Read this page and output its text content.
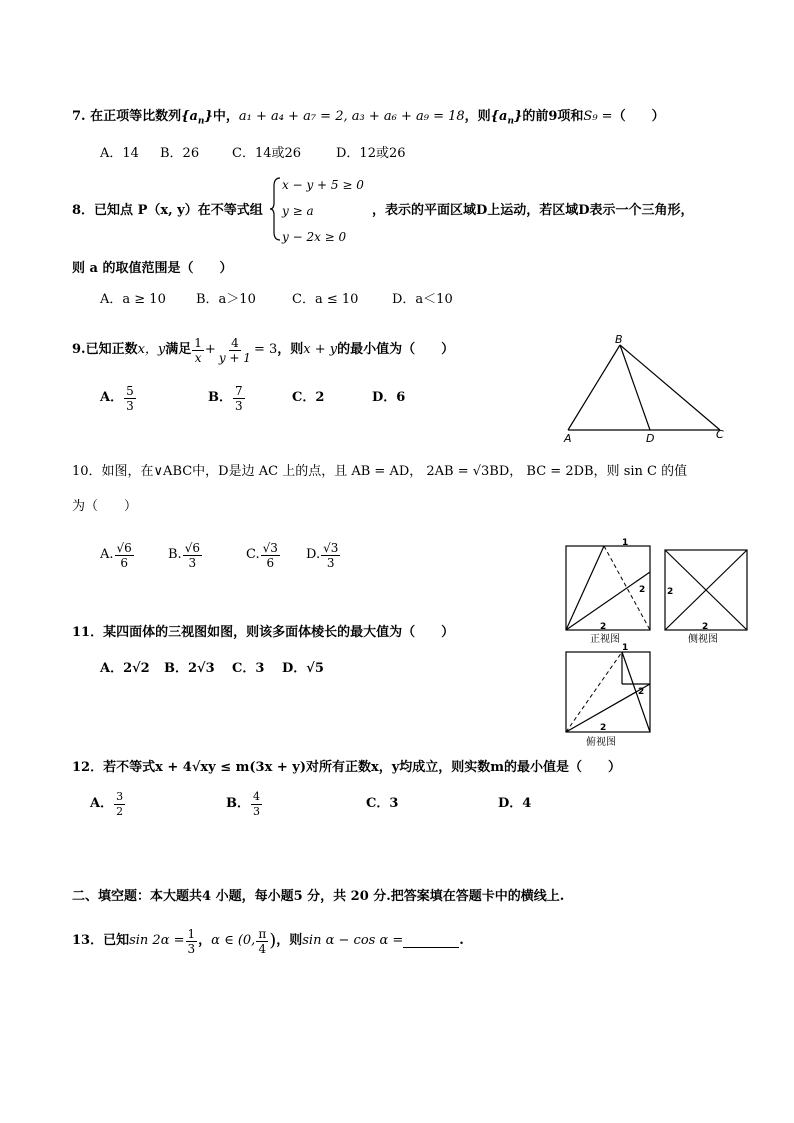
7. 在正项等比数列$\{a_n\}$中，a₁ + a₄ + a₇ = 2, a₃ + a₆ + a₉ = 18，则$\{a_n\}$的前9项和S₉ =（　　）
A．14 B．26	C．14或26	D．12或26
8．已知点 P（x, y）在不等式组
x − y + 5 ≥ 0
y ≥ a
y − 2x ≥ 0
，表示的平面区域D上运动，若区域D表示一个三角形，
则 a 的取值范围是（　　）
A．a ≥ 10 B．a＞10	C．a ≤ 10	D．a＜10
9.已知正数 x，y 满足 $\frac{1}{x} + \frac{4}{y + 1} = 3$ ，则 x + y 的最小值为（　　）
A． $\frac{5}{3}$	B． $\frac{7}{3}$	C．2	D．6
B
A	D	C
10．如图，在∨ABC中，D是边 AC 上的点，且 AB = AD， 2AB = √3BD， BC = 2DB，则 sin C 的值
为（　　）
A. $\frac{√6}{6}$	B. $\frac{√6}{3}$	C. $\frac{√3}{6} D$. $\frac{√3}{3}$	1
2
2
正视图
2
2
侧视图
1
2
2
俯视图
11．某四面体的三视图如图，则该多面体棱长的最大值为（　　）
A．2√2 B．2√3 C．3 D．√5
12．若不等式x + 4√xy ≤ m(3x + y)对所有正数x，y均成立，则实数m的最小值是（　　）
A． $\frac{3}{2}$	B． $\frac{4}{3}$	C．3	D．4
二、填空题：本大题共4 小题，每小题5 分，共 20 分.把答案填在答题卡中的横线上.
13．已知 $\sin 2\alpha = \frac{1}{3}$ ， α ∈ (0, $\frac{\pi}{4}$ ) ，则 sin α − cos α =	.
